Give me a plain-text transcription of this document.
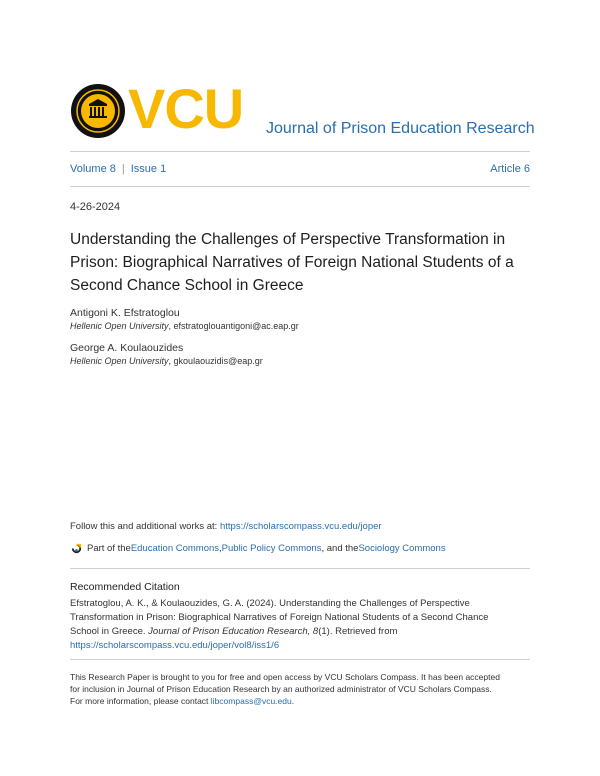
VCU Journal of Prison Education Research
Volume 8 | Issue 1	Article 6
4-26-2024
Understanding the Challenges of Perspective Transformation in
Prison: Biographical Narratives of Foreign National Students of a
Second Chance School in Greece
Antigoni K. Efstratoglou
Hellenic Open University, efstratoglouantigoni@ac.eap.gr
George A. Koulaouzides
Hellenic Open University, gkoulaouzidis@eap.gr
Follow this and additional works at: https://scholarscompass.vcu.edu/joper
Part of the Education Commons , Public Policy Commons , and the Sociology Commons
Recommended Citation
Efstratoglou, A. K., & Koulaouzides, G. A. (2024). Understanding the Challenges of Perspective
Transformation in Prison: Biographical Narratives of Foreign National Students of a Second Chance
School in Greece. Journal of Prison Education Research, 8(1). Retrieved from
https://scholarscompass.vcu.edu/joper/vol8/iss1/6
This Research Paper is brought to you for free and open access by VCU Scholars Compass. It has been accepted
for inclusion in Journal of Prison Education Research by an authorized administrator of VCU Scholars Compass.
For more information, please contact libcompass@vcu.edu.
